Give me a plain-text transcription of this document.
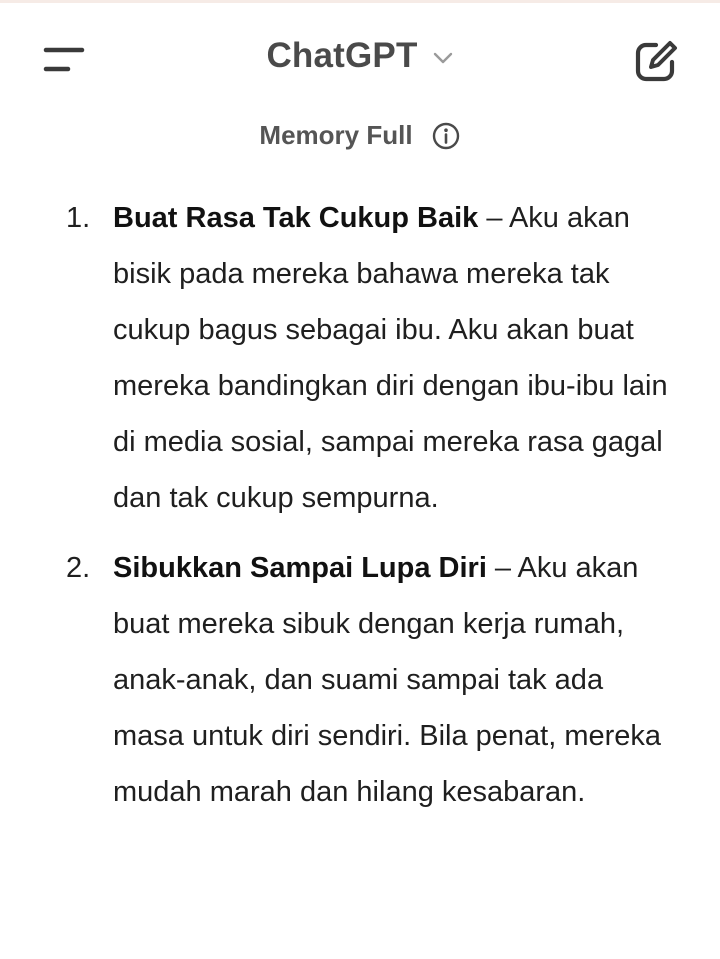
ChatGPT
Memory Full
1. Buat Rasa Tak Cukup Baik – Aku akan bisik pada mereka bahawa mereka tak cukup bagus sebagai ibu. Aku akan buat mereka bandingkan diri dengan ibu-ibu lain di media sosial, sampai mereka rasa gagal dan tak cukup sempurna.
2. Sibukkan Sampai Lupa Diri – Aku akan buat mereka sibuk dengan kerja rumah, anak-anak, dan suami sampai tak ada masa untuk diri sendiri. Bila penat, mereka mudah marah dan hilang kesabaran.
